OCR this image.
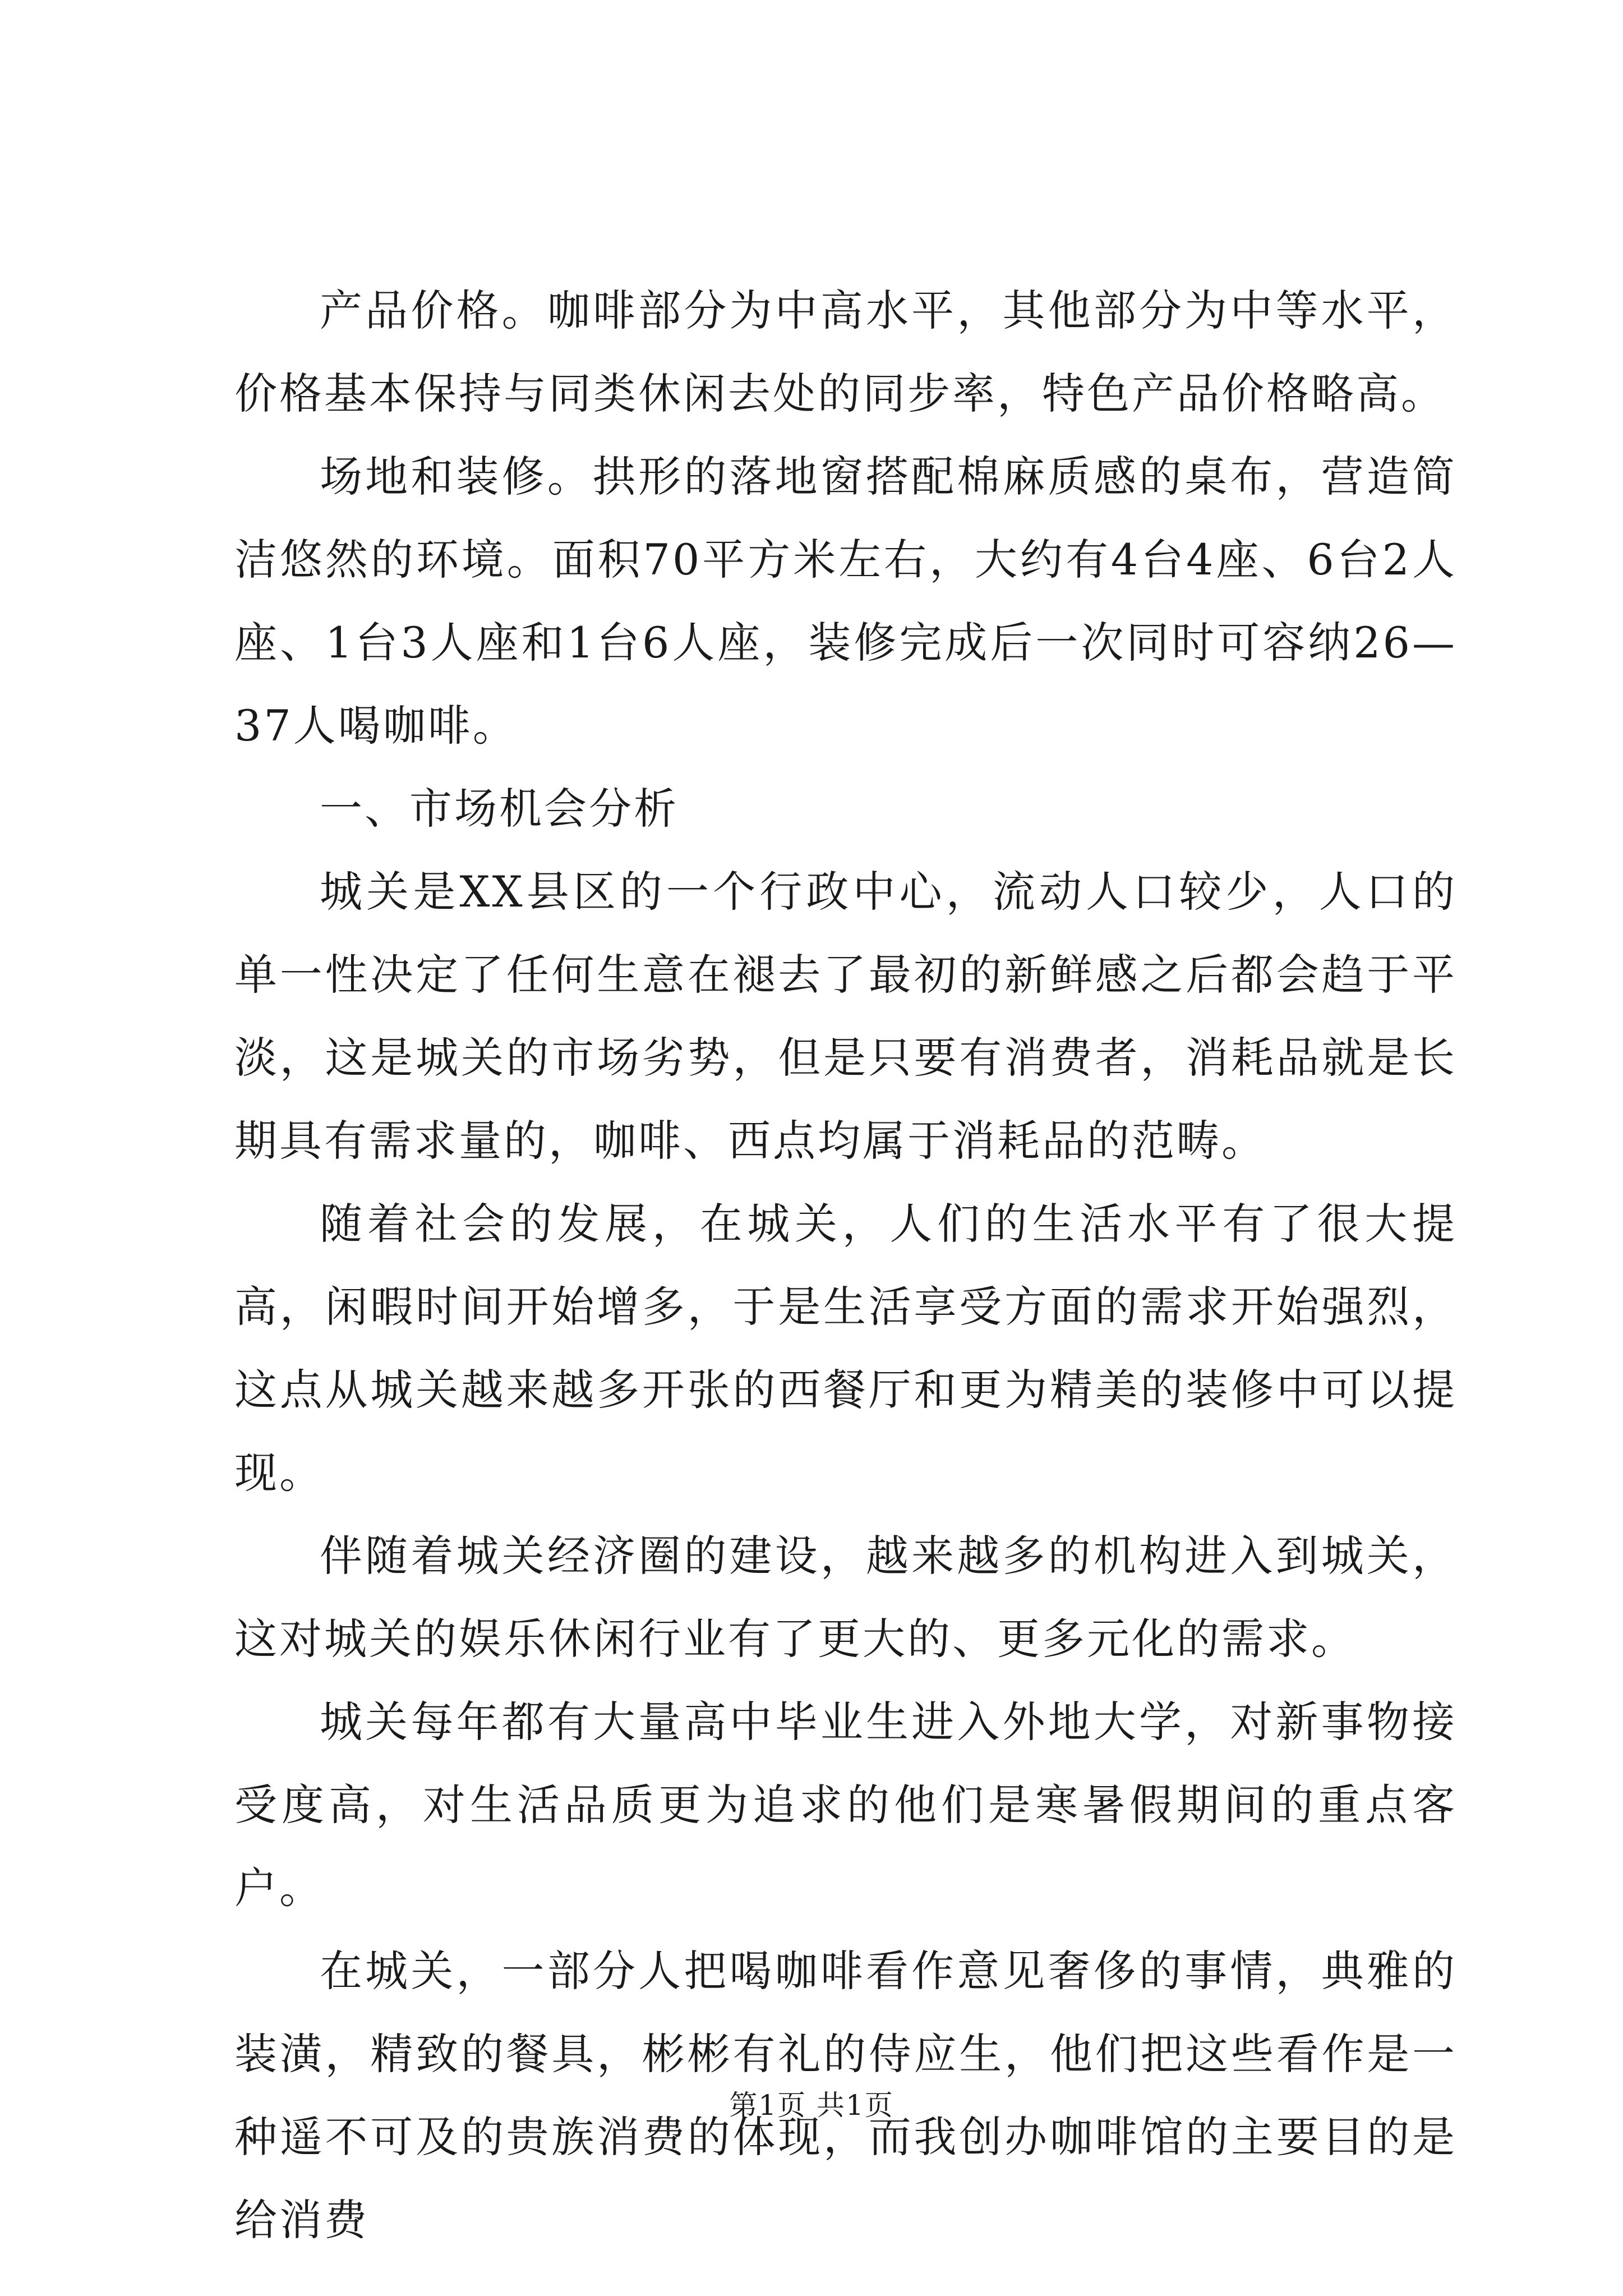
产品价格。咖啡部分为中高水平，其他部分为中等水平，价格基本保持与同类休闲去处的同步率，特色产品价格略高。

场地和装修。拱形的落地窗搭配棉麻质感的桌布，营造简洁悠然的环境。面积70平方米左右，大约有4台4座、6台2人座、1台3人座和1台6人座，装修完成后一次同时可容纳26—37人喝咖啡。

一、市场机会分析

城关是XX县区的一个行政中心，流动人口较少，人口的单一性决定了任何生意在褪去了最初的新鲜感之后都会趋于平淡，这是城关的市场劣势，但是只要有消费者，消耗品就是长期具有需求量的，咖啡、西点均属于消耗品的范畴。

随着社会的发展，在城关，人们的生活水平有了很大提高，闲暇时间开始增多，于是生活享受方面的需求开始强烈，这点从城关越来越多开张的西餐厅和更为精美的装修中可以提现。

伴随着城关经济圈的建设，越来越多的机构进入到城关，这对城关的娱乐休闲行业有了更大的、更多元化的需求。

城关每年都有大量高中毕业生进入外地大学，对新事物接受度高，对生活品质更为追求的他们是寒暑假期间的重点客户。

在城关，一部分人把喝咖啡看作意见奢侈的事情，典雅的装潢，精致的餐具，彬彬有礼的侍应生，他们把这些看作是一种遥不可及的贵族消费的体现，而我创办咖啡馆的主要目的是给消费

第1页 共1页
